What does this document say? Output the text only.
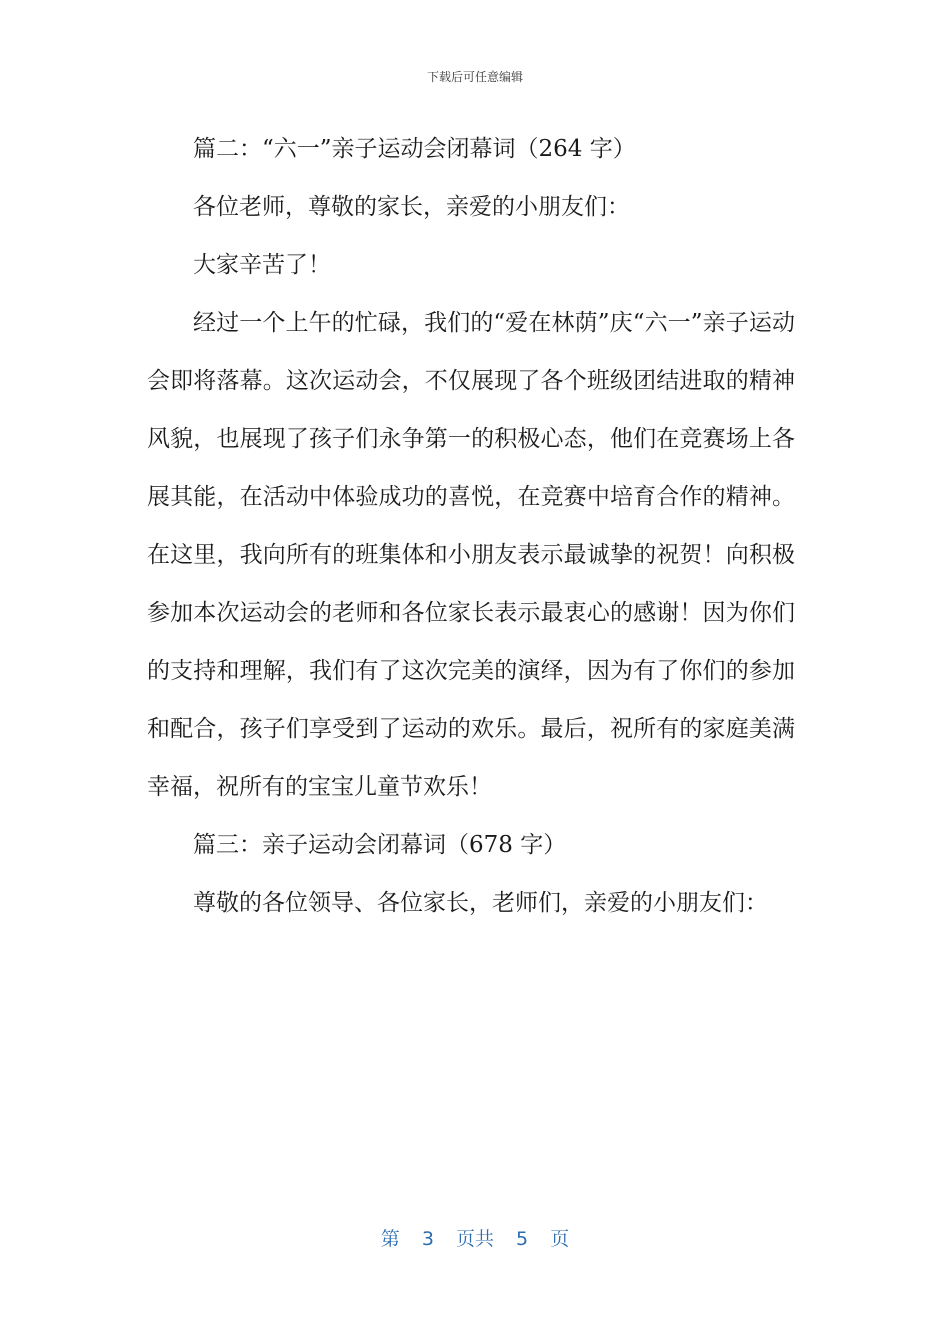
下载后可任意编辑

篇二：“六一”亲子运动会闭幕词（264 字）

各位老师，尊敬的家长，亲爱的小朋友们：

大家辛苦了！

经过一个上午的忙碌，我们的“爱在林荫”庆“六一”亲子运动会即将落幕。这次运动会，不仅展现了各个班级团结进取的精神风貌，也展现了孩子们永争第一的积极心态，他们在竞赛场上各展其能，在活动中体验成功的喜悦，在竞赛中培育合作的精神。在这里，我向所有的班集体和小朋友表示最诚挚的祝贺！向积极参加本次运动会的老师和各位家长表示最衷心的感谢！因为你们的支持和理解，我们有了这次完美的演绎，因为有了你们的参加和配合，孩子们享受到了运动的欢乐。最后，祝所有的家庭美满幸福，祝所有的宝宝儿童节欢乐！

篇三：亲子运动会闭幕词（678 字）

尊敬的各位领导、各位家长，老师们，亲爱的小朋友们：

第 3 页共 5 页
